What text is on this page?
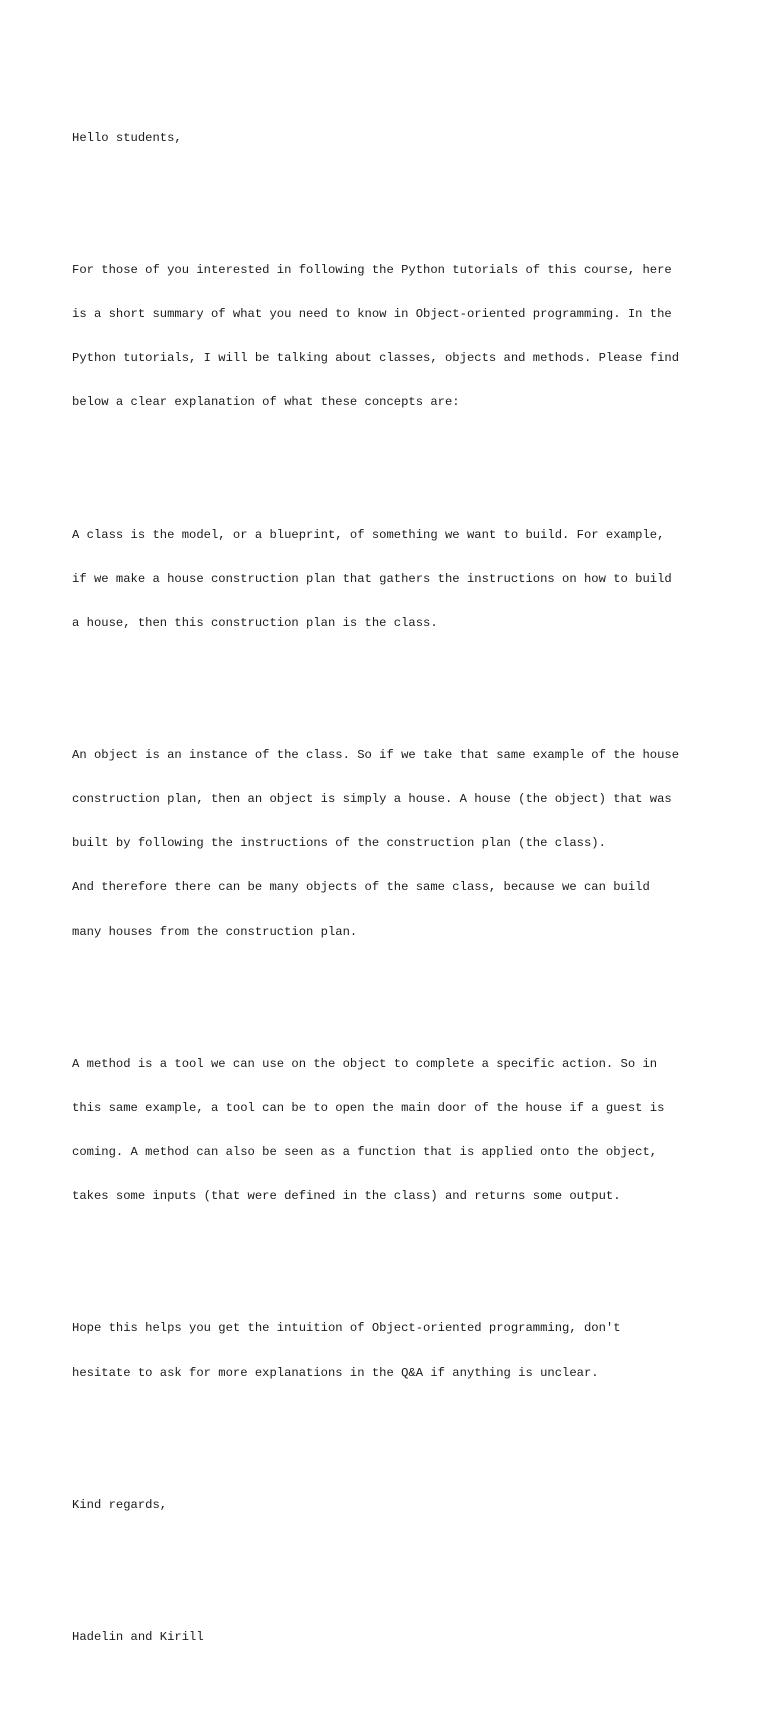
Hello students,

For those of you interested in following the Python tutorials of this course, here

is a short summary of what you need to know in Object-oriented programming. In the

Python tutorials, I will be talking about classes, objects and methods. Please find

below a clear explanation of what these concepts are:

A class is the model, or a blueprint, of something we want to build. For example,

if we make a house construction plan that gathers the instructions on how to build

a house, then this construction plan is the class.

An object is an instance of the class. So if we take that same example of the house

construction plan, then an object is simply a house. A house (the object) that was

built by following the instructions of the construction plan (the class).

And therefore there can be many objects of the same class, because we can build

many houses from the construction plan.

A method is a tool we can use on the object to complete a specific action. So in

this same example, a tool can be to open the main door of the house if a guest is

coming. A method can also be seen as a function that is applied onto the object,

takes some inputs (that were defined in the class) and returns some output.

Hope this helps you get the intuition of Object-oriented programming, don't

hesitate to ask for more explanations in the Q&A if anything is unclear.

Kind regards,

Hadelin and Kirill
